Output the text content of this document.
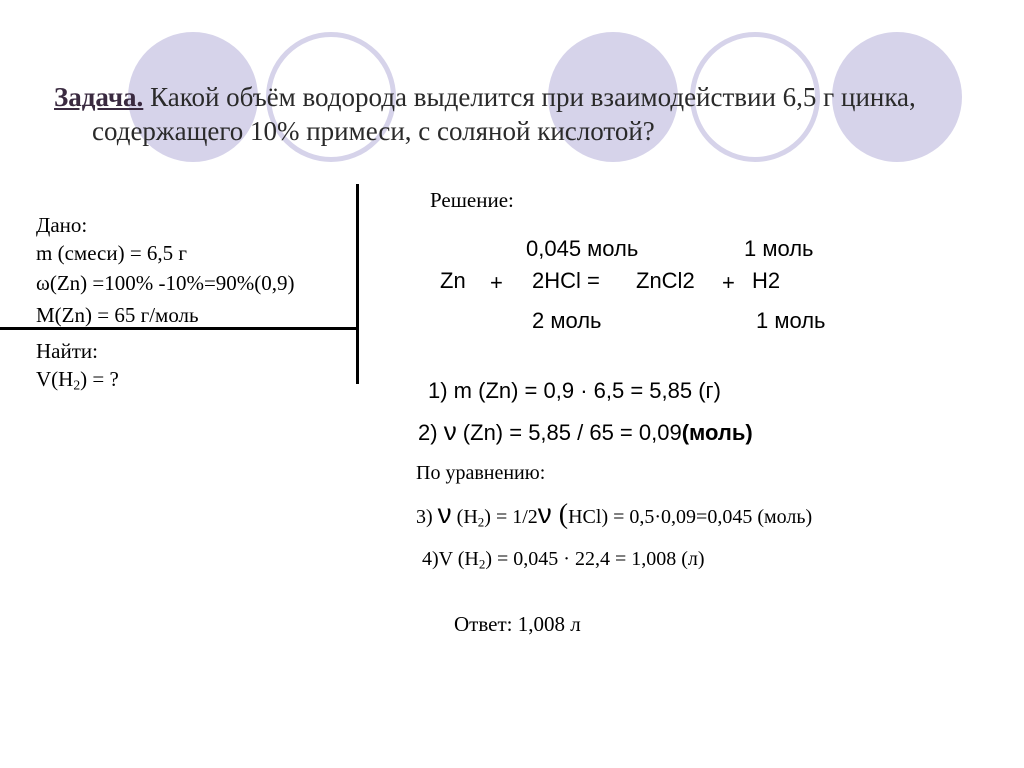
Задача. Какой объём водорода выделится при взаимодействии 6,5 г цинка,
содержащего 10% примеси, с соляной кислотой?
Дано:
m (смеси) = 6,5 г
ω(Zn) =100% -10%=90%(0,9)
M(Zn) = 65 г/моль
Найти:
$V(H_2)$ = ?
Решение:
0,045 моль	1 моль
Zn + 2HCl = ZnCl2 + H2
2 моль	1 моль
1) m (Zn) = 0,9 · 6,5 = 5,85 (г)
2) ν (Zn) = 5,85 / 65 = 0,09(моль)
По уравнению:
3) ν $(H_2) = 1/2\nu$ (HCl) = 0,5·0,09=0,045 (моль)
4)V $(H_2) = 0,045 \cdot 22,4 = 1,008$ (л)
Ответ: 1,008 л
